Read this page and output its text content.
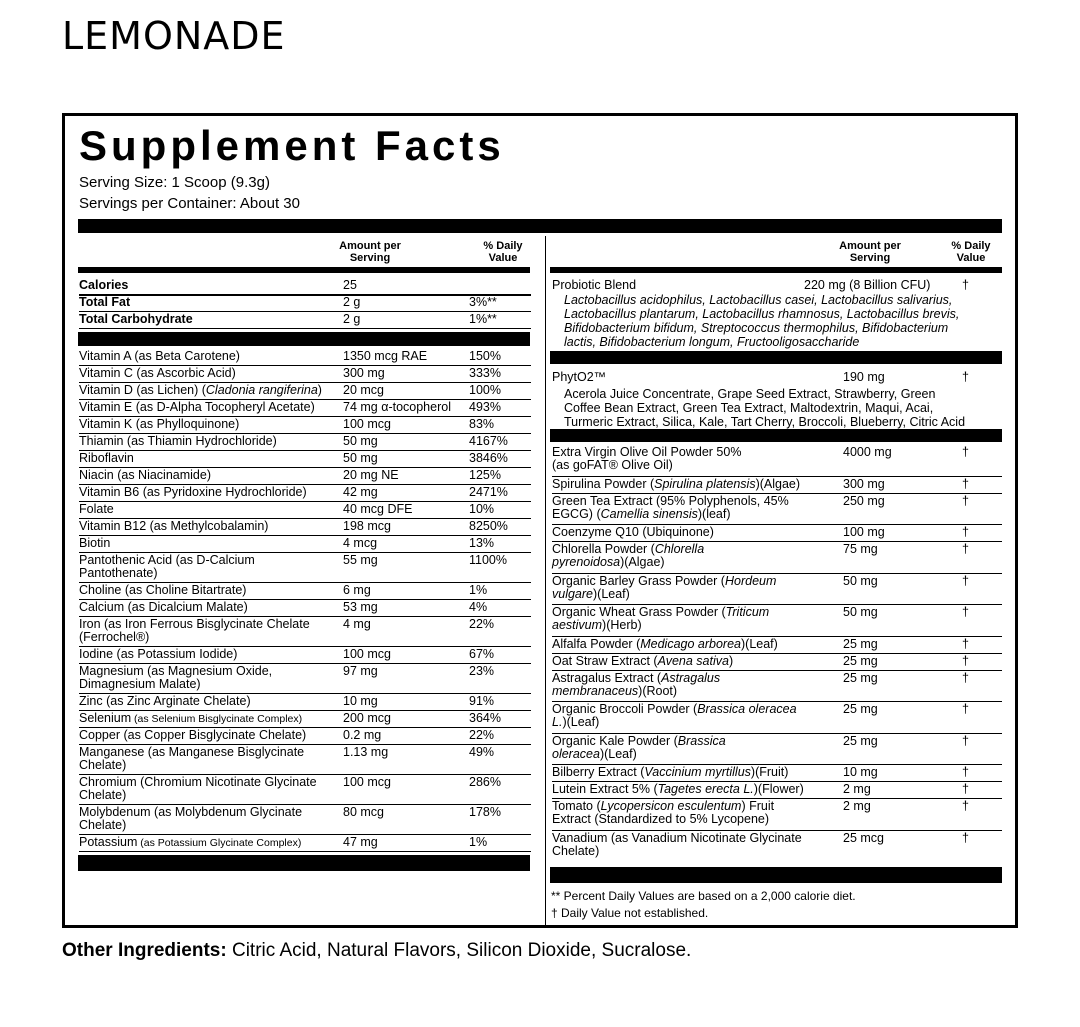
LEMONADE
Supplement Facts
Serving Size: 1 Scoop (9.3g)
Servings per Container: About 30
Amount per Serving
% Daily Value
Amount per Serving
% Daily Value
** Percent Daily Values are based on a 2,000 calorie diet.
† Daily Value not established.
Calories	25
Total Fat	2 g	3%**
Total Carbohydrate	2 g	1%**
Vitamin A (as Beta Carotene)	1350 mcg RAE	150%
Vitamin C (as Ascorbic Acid)	300 mg	333%
Vitamin D (as Lichen) (Cladonia rangiferina) 20 mcg	100%
Vitamin E (as D-Alpha Tocopheryl Acetate) 74 mg α-tocopherol 493%
Vitamin K (as Phylloquinone)	100 mcg	83%
Thiamin (as Thiamin Hydrochloride)	50 mg	4167%
Riboflavin	50 mg	3846%
Niacin (as Niacinamide)	20 mg NE	125%
Vitamin B6 (as Pyridoxine Hydrochloride)	42 mg	2471%
Folate	40 mcg DFE	10%
Vitamin B12 (as Methylcobalamin)	198 mcg	8250%
Biotin	4 mcg	13%
Pantothenic Acid (as D-Calcium
Pantothenate)
55 mg	1100%
Choline (as Choline Bitartrate)	6 mg	1%
Calcium (as Dicalcium Malate)	53 mg	4%
Iron (as Iron Ferrous Bisglycinate Chelate
(Ferrochel®)
4 mg	22%
Iodine (as Potassium Iodide)	100 mcg	67%
Magnesium (as Magnesium Oxide,
Dimagnesium Malate)
97 mg	23%
Zinc (as Zinc Arginate Chelate)	10 mg	91%
Selenium (as Selenium Bisglycinate Complex)	200 mcg	364%
Copper (as Copper Bisglycinate Chelate)	0.2 mg	22%
Manganese (as Manganese Bisglycinate
Chelate)
1.13 mg	49%
Chromium (Chromium Nicotinate Glycinate
Chelate)
100 mcg	286%
Molybdenum (as Molybdenum Glycinate
Chelate)
80 mcg	178%
Potassium (as Potassium Glycinate Complex)	47 mg	1%
Probiotic Blend	220 mg (8 Billion CFU)	†
Lactobacillus acidophilus, Lactobacillus casei, Lactobacillus salivarius,
Lactobacillus plantarum, Lactobacillus rhamnosus, Lactobacillus brevis,
Bifidobacterium bifidum, Streptococcus thermophilus, Bifidobacterium
lactis, Bifidobacterium longum, Fructooligosaccharide
PhytO2™	190 mg	†
Acerola Juice Concentrate, Grape Seed Extract, Strawberry, Green
Coffee Bean Extract, Green Tea Extract, Maltodextrin, Maqui, Acai,
Turmeric Extract, Silica, Kale, Tart Cherry, Broccoli, Blueberry, Citric Acid
Extra Virgin Olive Oil Powder 50%
(as goFAT® Olive Oil)
4000 mg	†
Spirulina Powder (Spirulina platensis)(Algae)	300 mg	†
Green Tea Extract (95% Polyphenols, 45%
EGCG) (Camellia sinensis)(leaf)
250 mg	†
Coenzyme Q10 (Ubiquinone)	100 mg	†
Chlorella Powder (Chlorella
pyrenoidosa)(Algae)
75 mg	†
Organic Barley Grass Powder (Hordeum
vulgare)(Leaf)
50 mg	†
Organic Wheat Grass Powder (Triticum
aestivum)(Herb)
50 mg	†
Alfalfa Powder (Medicago arborea)(Leaf)	25 mg	†
Oat Straw Extract (Avena sativa)	25 mg	†
Astragalus Extract (Astragalus
membranaceus)(Root)
25 mg	†
Organic Broccoli Powder (Brassica oleracea
L.)(Leaf)
25 mg	†
Organic Kale Powder (Brassica
oleracea)(Leaf)
25 mg	†
Bilberry Extract (Vaccinium myrtillus)(Fruit)	10 mg	†
Lutein Extract 5% (Tagetes erecta L.)(Flower)	2 mg	†
Tomato (Lycopersicon esculentum) Fruit
Extract (Standardized to 5% Lycopene)
2 mg	†
Vanadium (as Vanadium Nicotinate Glycinate
Chelate)
25 mcg	†
Other Ingredients: Citric Acid, Natural Flavors, Silicon Dioxide, Sucralose.
